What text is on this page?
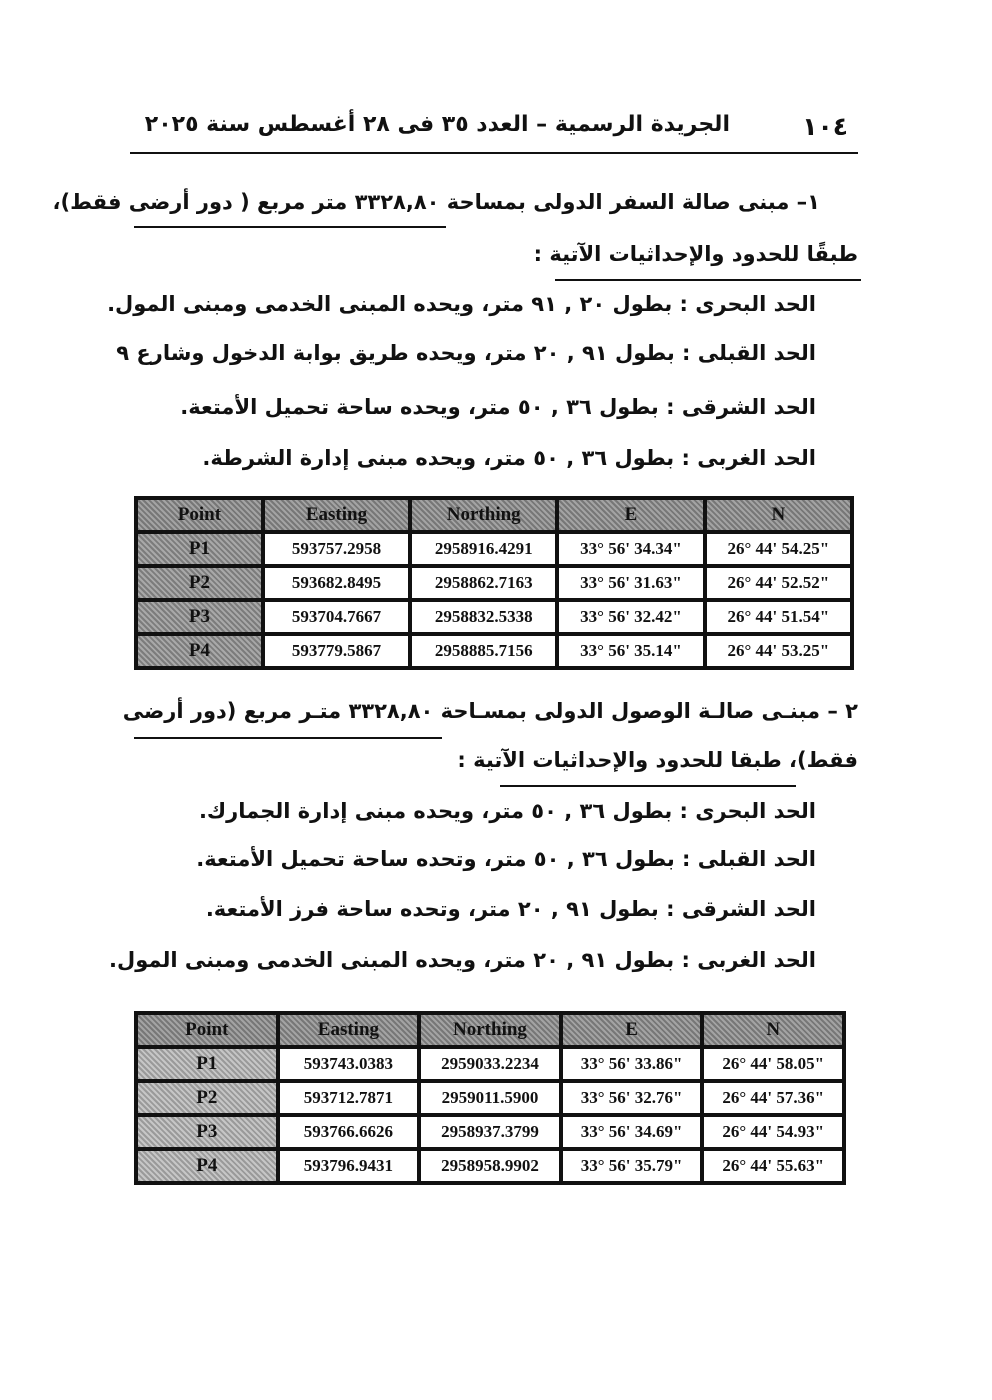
١٠٤
الجريدة الرسمية – العدد ٣٥ فى ٢٨ أغسطس سنة ٢٠٢٥
١– مبنى صالة السفر الدولى بمساحة ٣٣٢٨,٨٠ متر مربع ( دور أرضى فقط)،
طبقًا للحدود والإحداثيات الآتية :
الحد البحرى : بطول ٢٠ , ٩١ متر، ويحده المبنى الخدمى ومبنى المول.
الحد القبلى : بطول ٩١ , ٢٠ متر، ويحده طريق بوابة الدخول وشارع ٩
الحد الشرقى : بطول ٣٦ , ٥٠ متر، ويحده ساحة تحميل الأمتعة.
الحد الغربى : بطول ٣٦ , ٥٠ متر، ويحده مبنى إدارة الشرطة.
Point	Easting	Northing	E	N
P1	593757.2958	2958916.4291	33° 56' 34.34"	26° 44' 54.25"
P2	593682.8495	2958862.7163	33° 56' 31.63"	26° 44' 52.52"
P3	593704.7667	2958832.5338	33° 56' 32.42"	26° 44' 51.54"
P4	593779.5867	2958885.7156	33° 56' 35.14"	26° 44' 53.25"
٢ – مبنـى صالـة الوصول الدولى بمسـاحة ٣٣٢٨,٨٠ متـر مربع (دور أرضى
فقط)، طبقا للحدود والإحداثيات الآتية :
الحد البحرى : بطول ٣٦ , ٥٠ متر، ويحده مبنى إدارة الجمارك.
الحد القبلى : بطول ٣٦ , ٥٠ متر، وتحده ساحة تحميل الأمتعة.
الحد الشرقى : بطول ٩١ , ٢٠ متر، وتحده ساحة فرز الأمتعة.
الحد الغربى : بطول ٩١ , ٢٠ متر، ويحده المبنى الخدمى ومبنى المول.
Point	Easting	Northing	E	N
P1	593743.0383	2959033.2234	33° 56' 33.86"	26° 44' 58.05"
P2	593712.7871	2959011.5900	33° 56' 32.76"	26° 44' 57.36"
P3	593766.6626	2958937.3799	33° 56' 34.69"	26° 44' 54.93"
P4	593796.9431	2958958.9902	33° 56' 35.79"	26° 44' 55.63"
